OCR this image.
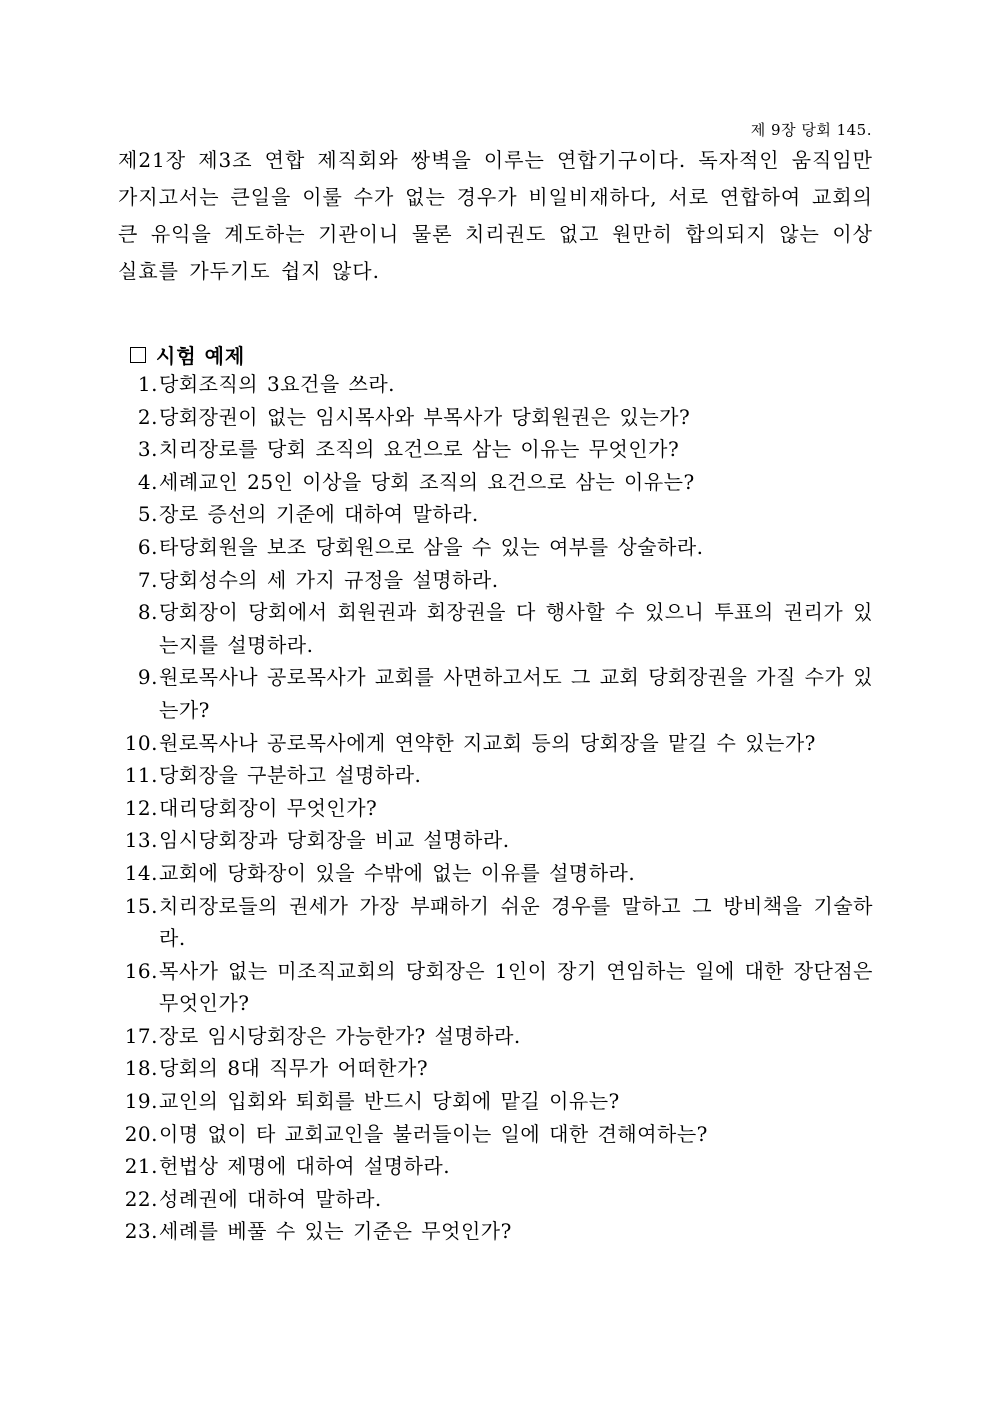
제 9장 당회 145.

제21장 제3조 연합 제직회와 쌍벽을 이루는 연합기구이다. 독자적인 움직임만 가지고서는 큰일을 이룰 수가 없는 경우가 비일비재하다, 서로 연합하여 교회의 큰 유익을 계도하는 기관이니 물론 치리권도 없고 원만히 합의되지 않는 이상 실효를 가두기도 쉽지 않다.

시험 예제
1. 당회조직의 3요건을 쓰라.
2. 당회장권이 없는 임시목사와 부목사가 당회원권은 있는가?
3. 치리장로를 당회 조직의 요건으로 삼는 이유는 무엇인가?
4. 세례교인 25인 이상을 당회 조직의 요건으로 삼는 이유는?
5. 장로 증선의 기준에 대하여 말하라.
6. 타당회원을 보조 당회원으로 삼을 수 있는 여부를 상술하라.
7. 당회성수의 세 가지 규정을 설명하라.
8. 당회장이 당회에서 회원권과 회장권을 다 행사할 수 있으니 투표의 권리가 있는지를 설명하라.
9. 원로목사나 공로목사가 교회를 사면하고서도 그 교회 당회장권을 가질 수가 있는가?
10. 원로목사나 공로목사에게 연약한 지교회 등의 당회장을 맡길 수 있는가?
11. 당회장을 구분하고 설명하라.
12. 대리당회장이 무엇인가?
13. 임시당회장과 당회장을 비교 설명하라.
14. 교회에 당화장이 있을 수밖에 없는 이유를 설명하라.
15. 치리장로들의 권세가 가장 부패하기 쉬운 경우를 말하고 그 방비책을 기술하라.
16. 목사가 없는 미조직교회의 당회장은 1인이 장기 연임하는 일에 대한 장단점은 무엇인가?
17. 장로 임시당회장은 가능한가? 설명하라.
18. 당회의 8대 직무가 어떠한가?
19. 교인의 입회와 퇴회를 반드시 당회에 맡길 이유는?
20. 이명 없이 타 교회교인을 불러들이는 일에 대한 견해여하는?
21. 헌법상 제명에 대하여 설명하라.
22. 성례권에 대하여 말하라.
23. 세례를 베풀 수 있는 기준은 무엇인가?
